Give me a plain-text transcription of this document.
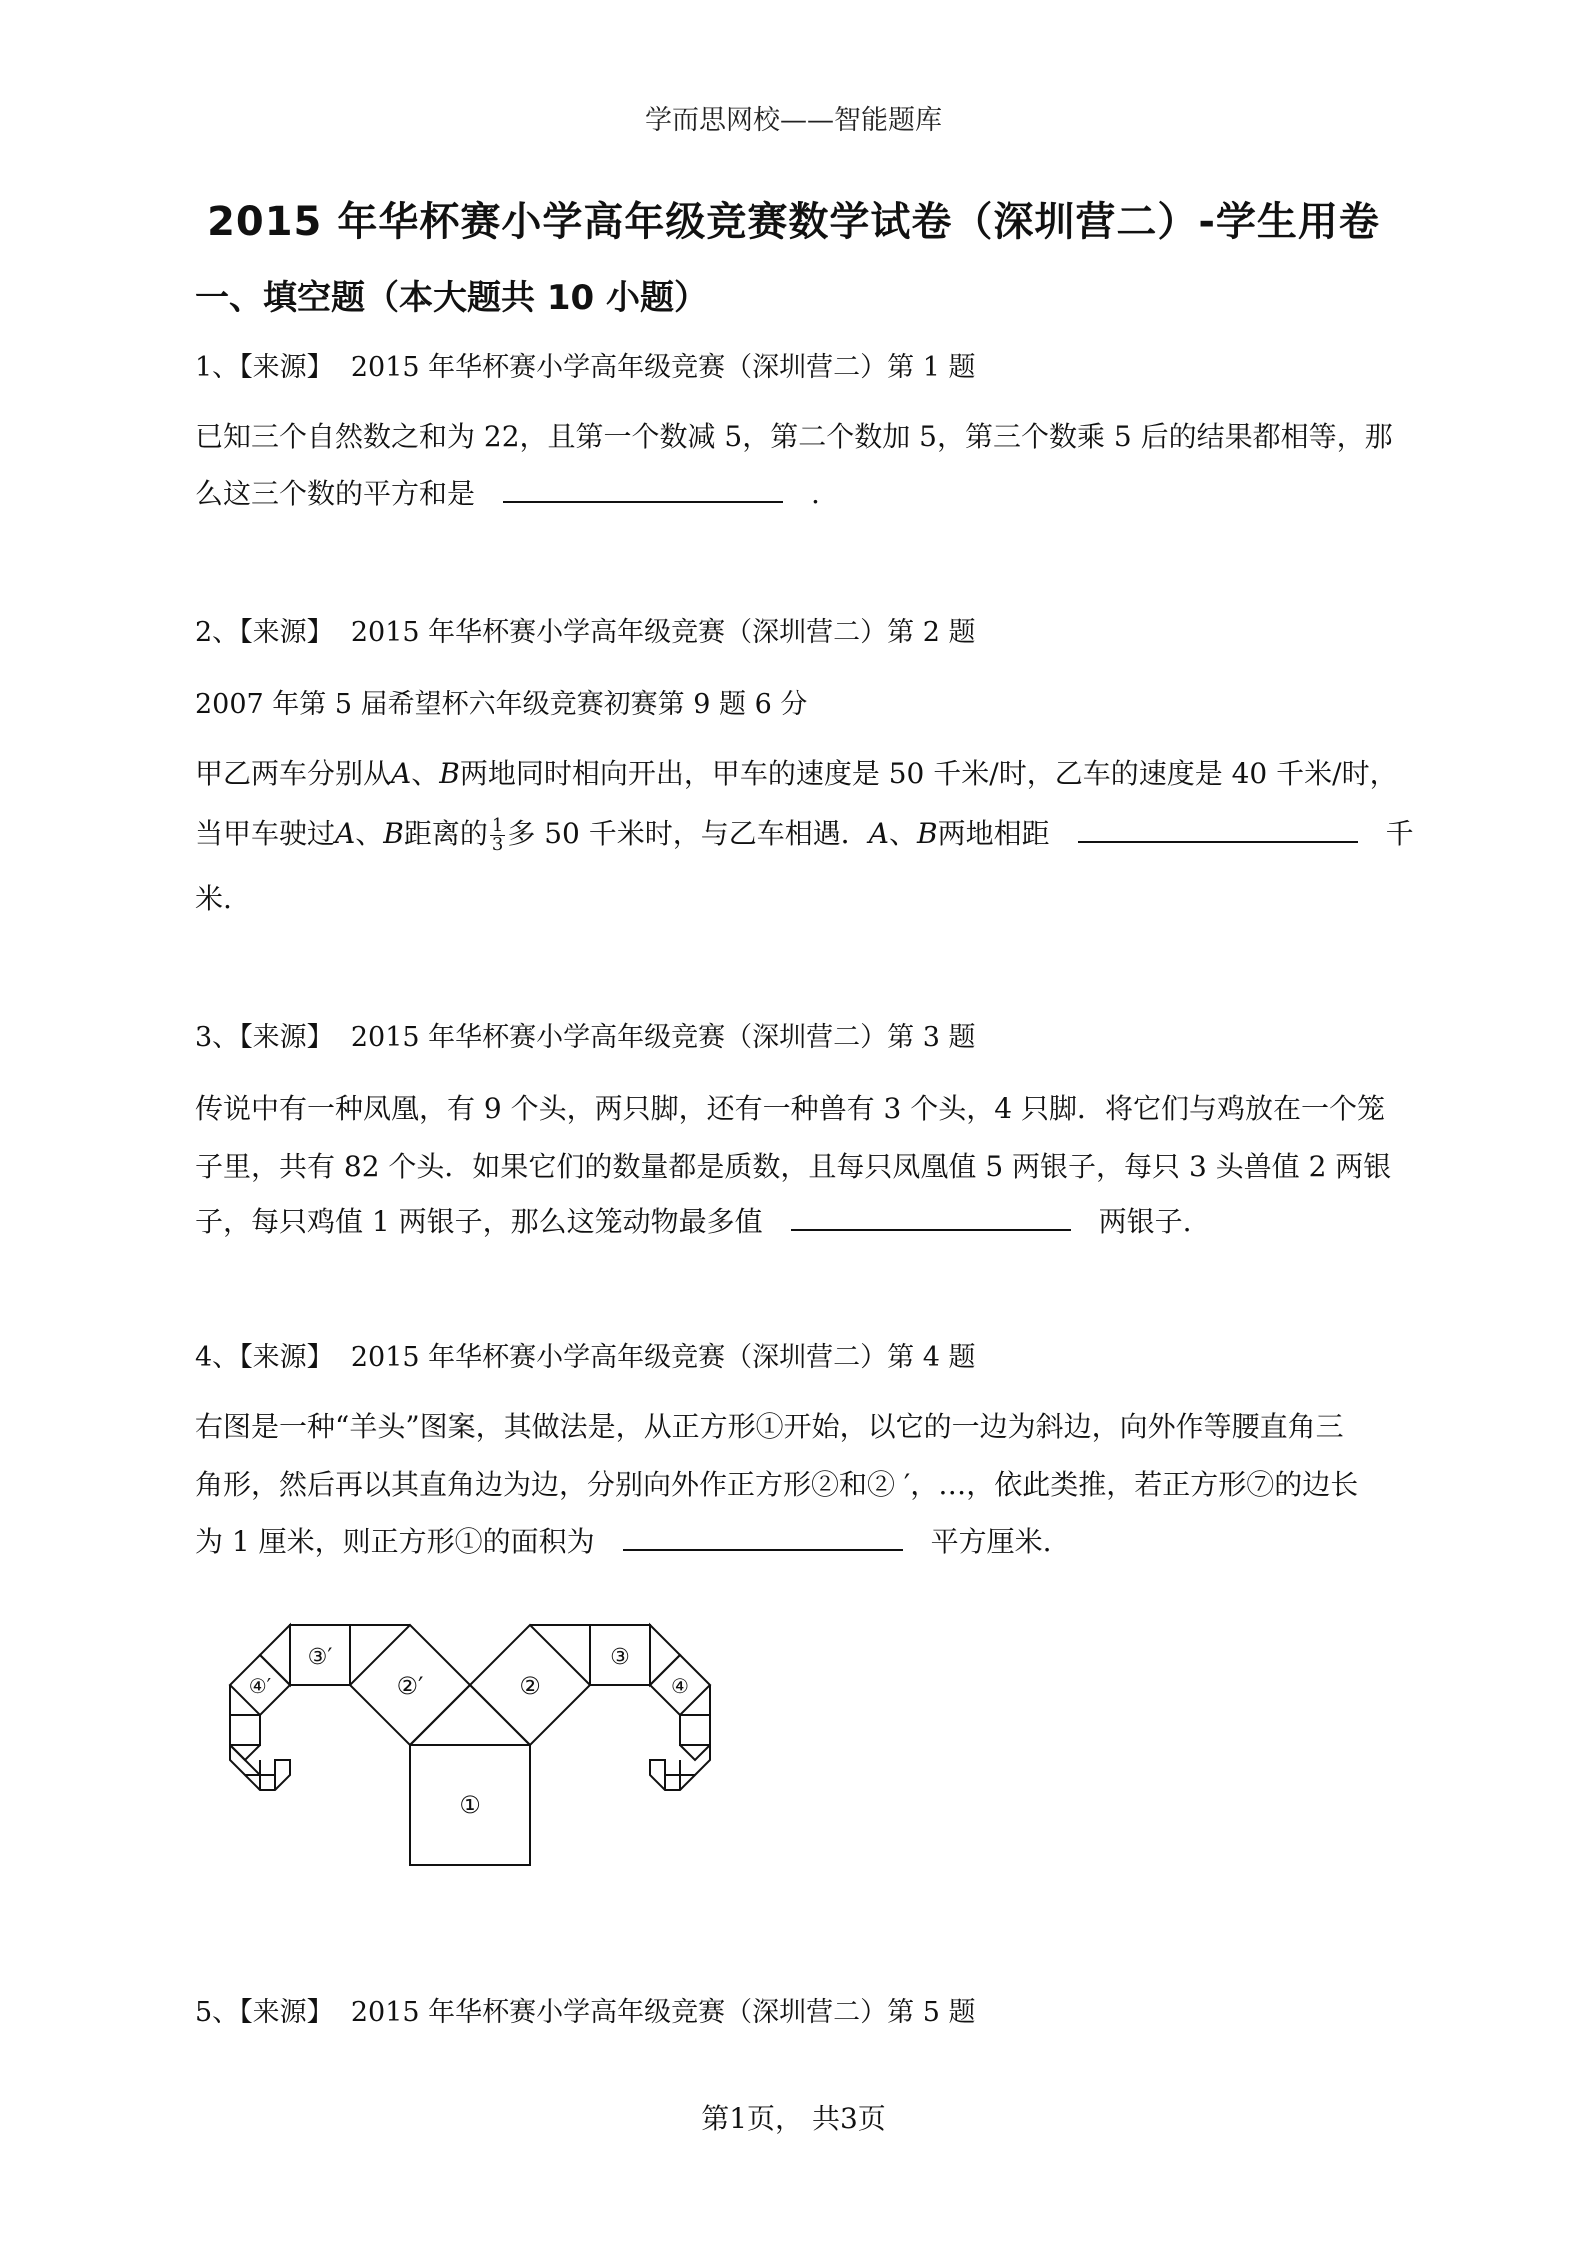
学而思网校——智能题库
2015 年华杯赛小学高年级竞赛数学试卷（深圳营二）-学生用卷
一、填空题（本大题共 10 小题）
1、【来源】 2015 年华杯赛小学高年级竞赛（深圳营二）第 1 题
已知三个自然数之和为 22，且第一个数减 5，第二个数加 5，第三个数乘 5 后的结果都相等，那
么这三个数的平方和是	.
2、【来源】 2015 年华杯赛小学高年级竞赛（深圳营二）第 2 题
2007 年第 5 届希望杯六年级竞赛初赛第 9 题 6 分
甲乙两车分别从A、B两地同时相向开出，甲车的速度是 50 千米/时，乙车的速度是 40 千米/时，
当甲车驶过A、B距离的 $\frac{1}{3}$ 多 50 千米时，与乙车相遇．A、B两地相距	千
米.
3、【来源】 2015 年华杯赛小学高年级竞赛（深圳营二）第 3 题
传说中有一种凤凰，有 9 个头，两只脚，还有一种兽有 3 个头，4 只脚．将它们与鸡放在一个笼
子里，共有 82 个头．如果它们的数量都是质数，且每只凤凰值 5 两银子，每只 3 头兽值 2 两银
子，每只鸡值 1 两银子，那么这笼动物最多值	两银子.
4、【来源】 2015 年华杯赛小学高年级竞赛（深圳营二）第 4 题
右图是一种“羊头”图案，其做法是，从正方形①开始，以它的一边为斜边，向外作等腰直角三
角形，然后再以其直角边为边，分别向外作正方形②和② ′，…，依此类推，若正方形⑦的边长
为 1 厘米，则正方形①的面积为	平方厘米.
①
②
②′
③
③′
④
④′
5、【来源】 2015 年华杯赛小学高年级竞赛（深圳营二）第 5 题
第1页， 共3页
